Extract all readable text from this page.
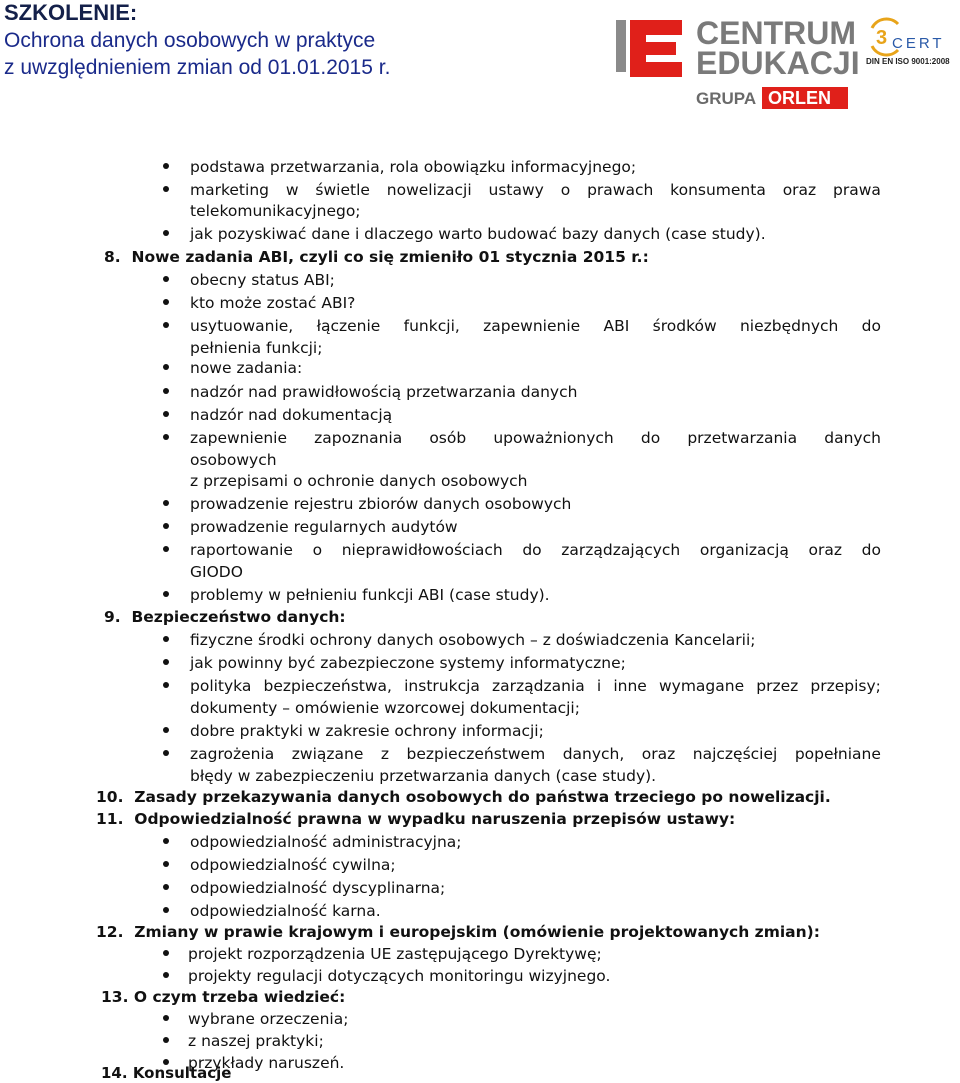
SZKOLENIE:
Ochrona danych osobowych w praktyce
z uwzględnieniem zmian od 01.01.2015 r.
CENTRUM
EDUKACJI
GRUPA ORLEN
3 CERT
DIN EN ISO 9001:2008
podstawa przetwarzania, rola obowiązku informacyjnego;
marketing w świetle nowelizacji ustawy o prawach konsumenta oraz prawa
telekomunikacyjnego;
jak pozyskiwać dane i dlaczego warto budować bazy danych (case study).
8. Nowe zadania ABI, czyli co się zmieniło 01 stycznia 2015 r.:
obecny status ABI;
kto może zostać ABI?
usytuowanie, łączenie funkcji, zapewnienie ABI środków niezbędnych do
pełnienia funkcji;
nowe zadania:
nadzór nad prawidłowością przetwarzania danych
nadzór nad dokumentacją
zapewnienie zapoznania osób upoważnionych do przetwarzania danych
osobowych
z przepisami o ochronie danych osobowych
prowadzenie rejestru zbiorów danych osobowych
prowadzenie regularnych audytów
raportowanie o nieprawidłowościach do zarządzających organizacją oraz do
GIODO
problemy w pełnieniu funkcji ABI (case study).
9. Bezpieczeństwo danych:
fizyczne środki ochrony danych osobowych – z doświadczenia Kancelarii;
jak powinny być zabezpieczone systemy informatyczne;
polityka bezpieczeństwa, instrukcja zarządzania i inne wymagane przez przepisy;
dokumenty – omówienie wzorcowej dokumentacji;
dobre praktyki w zakresie ochrony informacji;
zagrożenia związane z bezpieczeństwem danych, oraz najczęściej popełniane
błędy w zabezpieczeniu przetwarzania danych (case study).
10. Zasady przekazywania danych osobowych do państwa trzeciego po nowelizacji.
11. Odpowiedzialność prawna w wypadku naruszenia przepisów ustawy:
odpowiedzialność administracyjna;
odpowiedzialność cywilna;
odpowiedzialność dyscyplinarna;
odpowiedzialność karna.
12. Zmiany w prawie krajowym i europejskim (omówienie projektowanych zmian):
projekt rozporządzenia UE zastępującego Dyrektywę;
projekty regulacji dotyczących monitoringu wizyjnego.
13. O czym trzeba wiedzieć:
wybrane orzeczenia;
z naszej praktyki;
przykłady naruszeń.
14. Konsultacje
